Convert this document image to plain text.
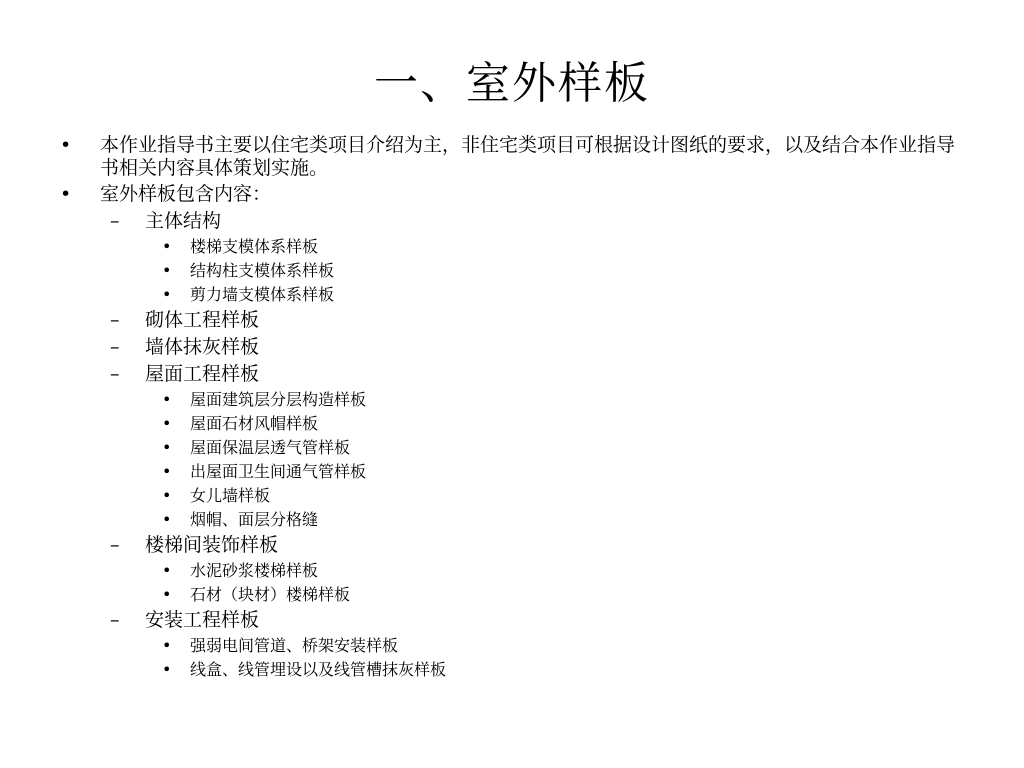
一、室外样板
•	本作业指导书主要以住宅类项目介绍为主，非住宅类项目可根据设计图纸的要求，以及结合本作业指导书相关内容具体策划实施。
•	室外样板包含内容：
–	主体结构
• 楼梯支模体系样板
• 结构柱支模体系样板
• 剪力墙支模体系样板
–	砌体工程样板
–	墙体抹灰样板
–	屋面工程样板
• 屋面建筑层分层构造样板
• 屋面石材风帽样板
• 屋面保温层透气管样板
• 出屋面卫生间通气管样板
• 女儿墙样板
• 烟帽、面层分格缝
–	楼梯间装饰样板
• 水泥砂浆楼梯样板
• 石材（块材）楼梯样板
–	安装工程样板
• 强弱电间管道、桥架安装样板
• 线盒、线管埋设以及线管槽抹灰样板
